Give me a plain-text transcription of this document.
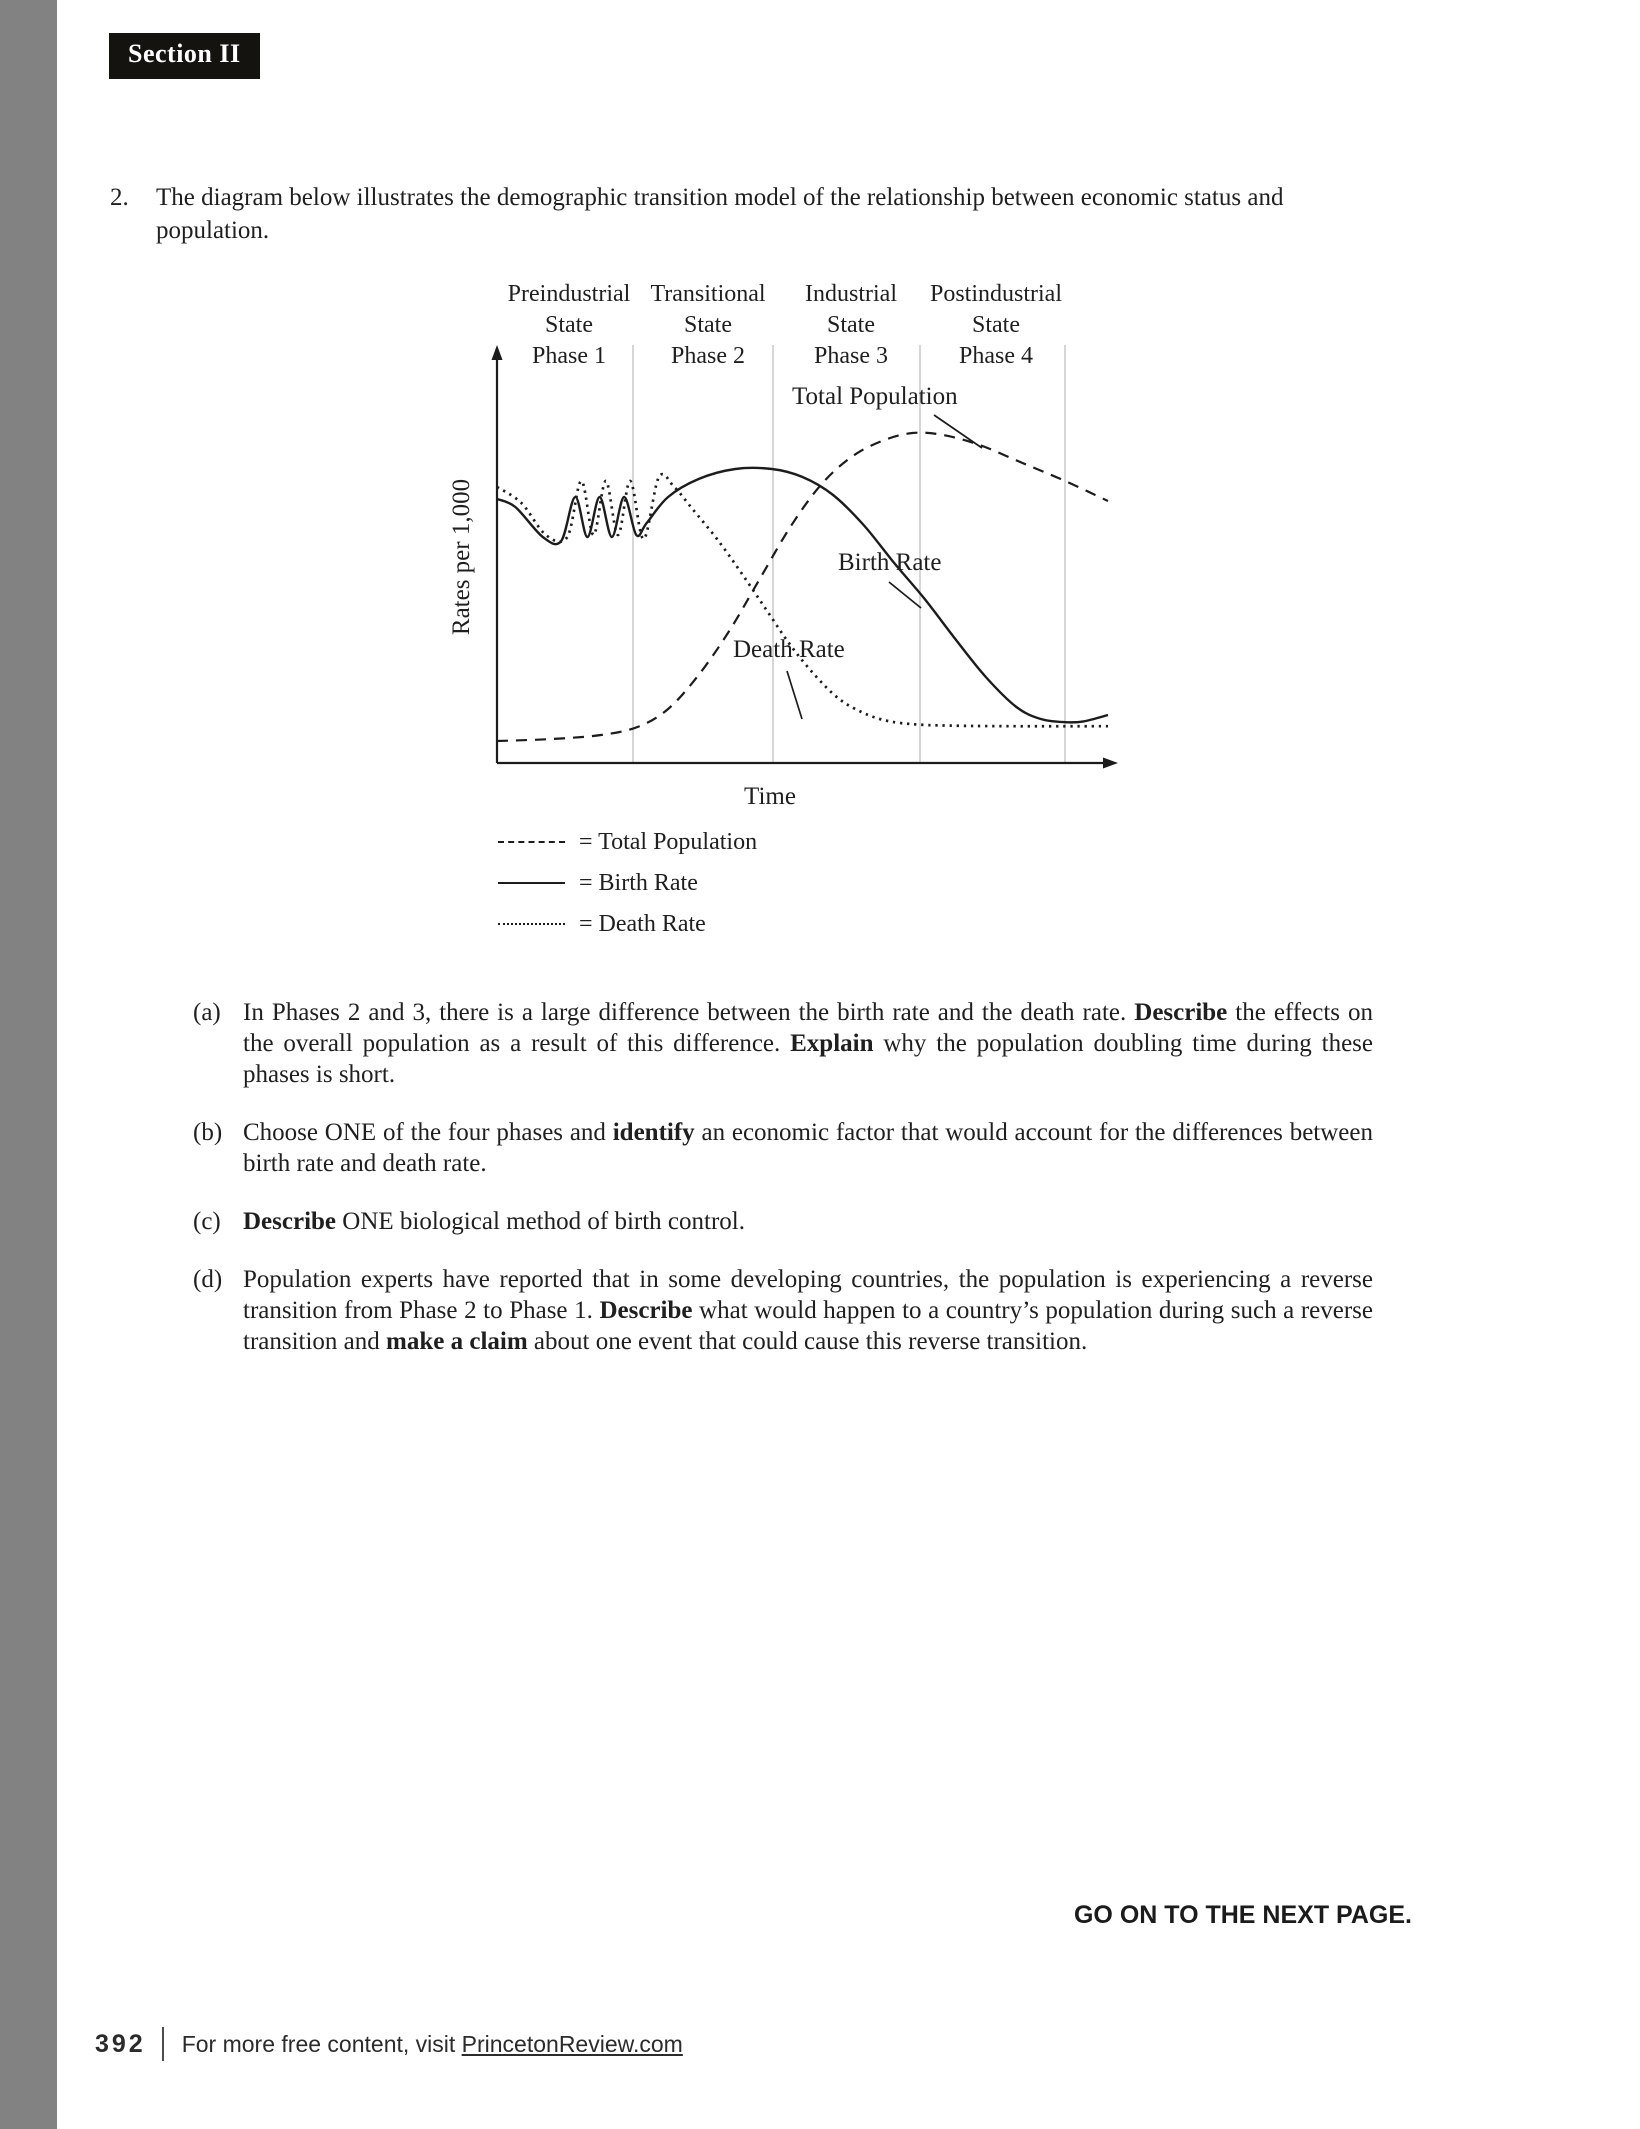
Section II
2.	The diagram below illustrates the demographic transition model of the relationship between economic status and population.
Preindustrial
State
Phase 1
Transitional
State
Phase 2
Industrial
State
Phase 3
Postindustrial
State
Phase 4
Rates per 1,000
Time
Total Population
Birth Rate
Death Rate
= Total Population
= Birth Rate
= Death Rate
(a) In Phases 2 and 3, there is a large difference between the birth rate and the death rate. Describe the effects on the overall population as a result of this difference. Explain why the population doubling time during these phases is short.
(b) Choose ONE of the four phases and identify an economic factor that would account for the differences between birth rate and death rate.
(c) Describe ONE biological method of birth control.
(d) Population experts have reported that in some developing countries, the population is experiencing a reverse transition from Phase 2 to Phase 1. Describe what would happen to a country’s population during such a reverse transition and make a claim about one event that could cause this reverse transition.
GO ON TO THE NEXT PAGE.
392 For more free content, visit PrincetonReview.com
